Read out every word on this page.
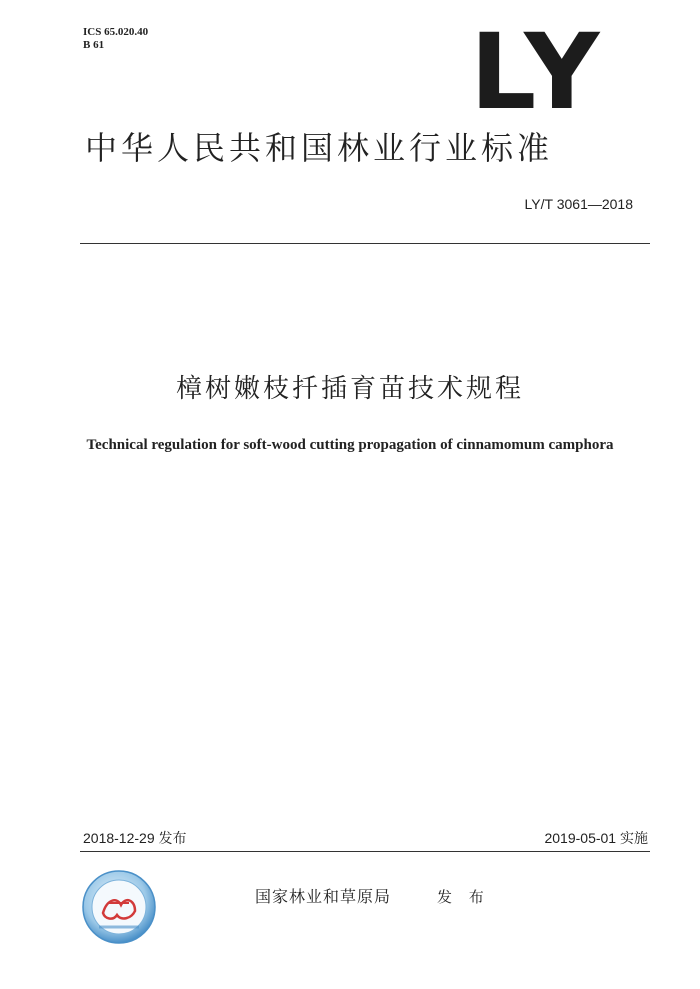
ICS 65.020.40
B 61	LY
中华人民共和国林业行业标准
LY/T 3061—2018
樟树嫩枝扦插育苗技术规程
Technical regulation for soft-wood cutting propagation of cinnamomum camphora
2018-12-29 发布	2019-05-01 实施
国家林业和草原局	发 布
